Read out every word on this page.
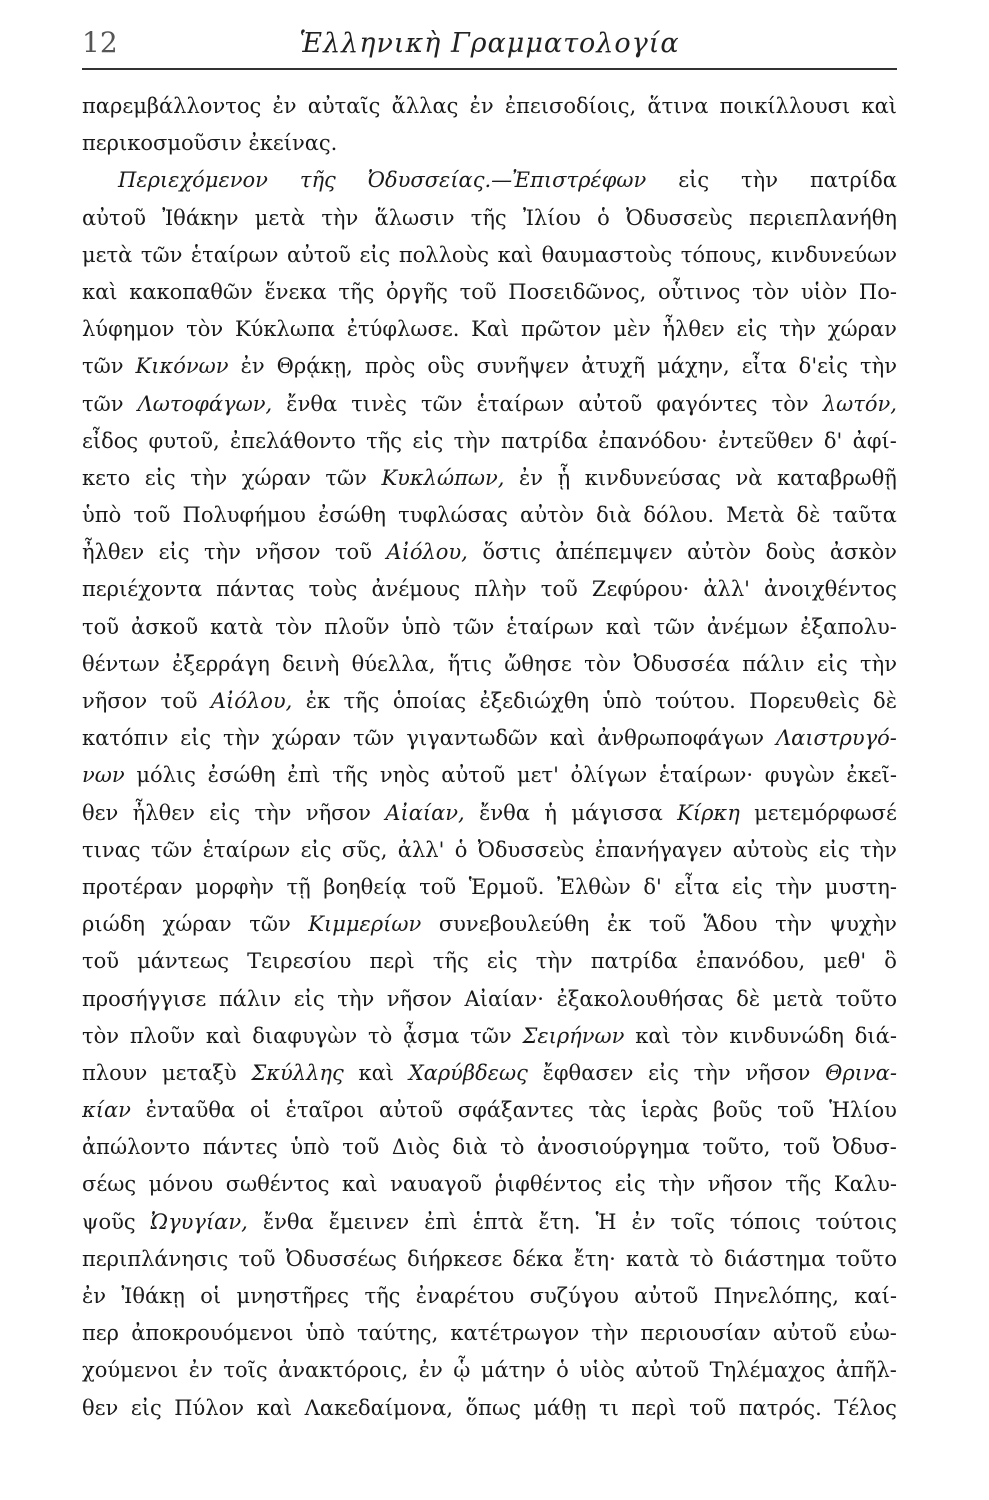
12	Ἑλληνικὴ Γραμματολογία
παρεμβάλλοντος ἐν αὐταῖς ἄλλας ἐν ἐπεισοδίοις, ἅτινα ποικίλλουσι καὶ
περικοσμοῦσιν ἐκείνας.
Περιεχόμενον τῆς Ὀδυσσείας.—Ἐπιστρέφων εἰς τὴν πατρίδα
αὐτοῦ Ἰθάκην μετὰ τὴν ἅλωσιν τῆς Ἰλίου ὁ Ὀδυσσεὺς περιεπλανήθη
μετὰ τῶν ἑταίρων αὐτοῦ εἰς πολλοὺς καὶ θαυμαστοὺς τόπους, κινδυνεύων
καὶ κακοπαθῶν ἕνεκα τῆς ὀργῆς τοῦ Ποσειδῶνος, οὗτινος τὸν υἱὸν Πο-
λύφημον τὸν Κύκλωπα ἐτύφλωσε. Καὶ πρῶτον μὲν ἦλθεν εἰς τὴν χώραν
τῶν Κικόνων ἐν Θρᾴκῃ, πρὸς οὓς συνῆψεν ἀτυχῆ μάχην, εἶτα δ'εἰς τὴν
τῶν Λωτοφάγων, ἔνθα τινὲς τῶν ἑταίρων αὐτοῦ φαγόντες τὸν λωτόν,
εἶδος φυτοῦ, ἐπελάθοντο τῆς εἰς τὴν πατρίδα ἐπανόδου· ἐντεῦθεν δ' ἀφί-
κετο εἰς τὴν χώραν τῶν Κυκλώπων, ἐν ᾗ κινδυνεύσας νὰ καταβρωθῇ
ὑπὸ τοῦ Πολυφήμου ἐσώθη τυφλώσας αὐτὸν διὰ δόλου. Μετὰ δὲ ταῦτα
ἦλθεν εἰς τὴν νῆσον τοῦ Αἰόλου, ὅστις ἀπέπεμψεν αὐτὸν δοὺς ἀσκὸν
περιέχοντα πάντας τοὺς ἀνέμους πλὴν τοῦ Ζεφύρου· ἀλλ' ἀνοιχθέντος
τοῦ ἀσκοῦ κατὰ τὸν πλοῦν ὑπὸ τῶν ἑταίρων καὶ τῶν ἀνέμων ἐξαπολυ-
θέντων ἐξερράγη δεινὴ θύελλα, ἥτις ὤθησε τὸν Ὀδυσσέα πάλιν εἰς τὴν
νῆσον τοῦ Αἰόλου, ἐκ τῆς ὁποίας ἐξεδιώχθη ὑπὸ τούτου. Πορευθεὶς δὲ
κατόπιν εἰς τὴν χώραν τῶν γιγαντωδῶν καὶ ἀνθρωποφάγων Λαιστρυγό-
νων μόλις ἐσώθη ἐπὶ τῆς νηὸς αὐτοῦ μετ' ὀλίγων ἑταίρων· φυγὼν ἐκεῖ-
θεν ἦλθεν εἰς τὴν νῆσον Αἰαίαν, ἔνθα ἡ μάγισσα Κίρκη μετεμόρφωσέ
τινας τῶν ἑταίρων εἰς σῦς, ἀλλ' ὁ Ὀδυσσεὺς ἐπανήγαγεν αὐτοὺς εἰς τὴν
προτέραν μορφὴν τῇ βοηθείᾳ τοῦ Ἑρμοῦ. Ἐλθὼν δ' εἶτα εἰς τὴν μυστη-
ριώδη χώραν τῶν Κιμμερίων συνεβουλεύθη ἐκ τοῦ Ἅδου τὴν ψυχὴν
τοῦ μάντεως Τειρεσίου περὶ τῆς εἰς τὴν πατρίδα ἐπανόδου, μεθ' ὃ
προσήγγισε πάλιν εἰς τὴν νῆσον Αἰαίαν· ἐξακολουθήσας δὲ μετὰ τοῦτο
τὸν πλοῦν καὶ διαφυγὼν τὸ ᾆσμα τῶν Σειρήνων καὶ τὸν κινδυνώδη διά-
πλουν μεταξὺ Σκύλλης καὶ Χαρύβδεως ἔφθασεν εἰς τὴν νῆσον Θρινα-
κίαν ἐνταῦθα οἱ ἑταῖροι αὐτοῦ σφάξαντες τὰς ἱερὰς βοῦς τοῦ Ἡλίου
ἀπώλοντο πάντες ὑπὸ τοῦ Διὸς διὰ τὸ ἀνοσιούργημα τοῦτο, τοῦ Ὀδυσ-
σέως μόνου σωθέντος καὶ ναυαγοῦ ῥιφθέντος εἰς τὴν νῆσον τῆς Καλυ-
ψοῦς Ὠγυγίαν, ἔνθα ἔμεινεν ἐπὶ ἑπτὰ ἔτη. Ἡ ἐν τοῖς τόποις τούτοις
περιπλάνησις τοῦ Ὀδυσσέως διήρκεσε δέκα ἔτη· κατὰ τὸ διάστημα τοῦτο
ἐν Ἰθάκῃ οἱ μνηστῆρες τῆς ἐναρέτου συζύγου αὐτοῦ Πηνελόπης, καί-
περ ἀποκρουόμενοι ὑπὸ ταύτης, κατέτρωγον τὴν περιουσίαν αὐτοῦ εὐω-
χούμενοι ἐν τοῖς ἀνακτόροις, ἐν ᾧ μάτην ὁ υἱὸς αὐτοῦ Τηλέμαχος ἀπῆλ-
θεν εἰς Πύλον καὶ Λακεδαίμονα, ὅπως μάθῃ τι περὶ τοῦ πατρός. Τέλος
